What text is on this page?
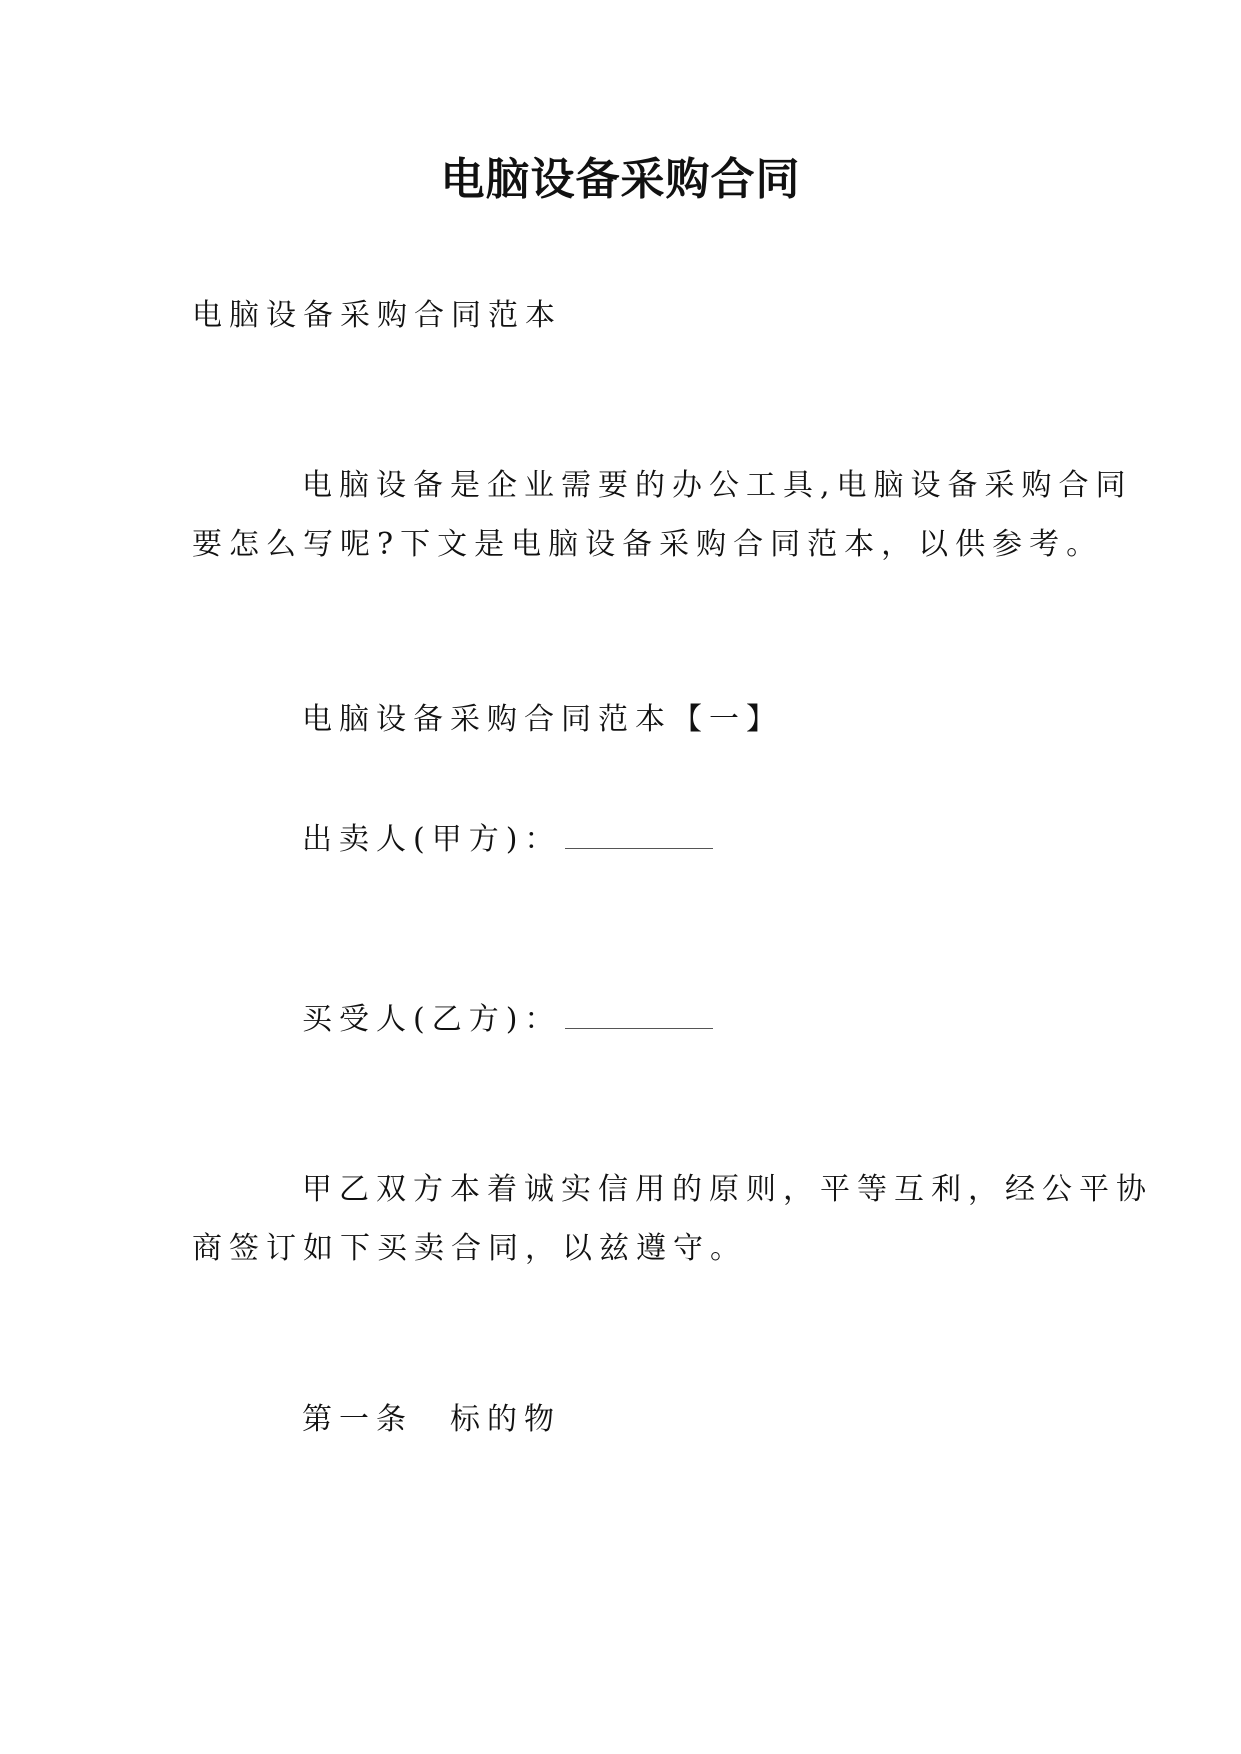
电脑设备采购合同
电脑设备采购合同范本
电脑设备是企业需要的办公工具,电脑设备采购合同
要怎么写呢?下文是电脑设备采购合同范本，以供参考。
电脑设备采购合同范本【一】
出卖人(甲方)：
买受人(乙方)：
甲乙双方本着诚实信用的原则，平等互利，经公平协
商签订如下买卖合同，以兹遵守。
第一条　标的物
